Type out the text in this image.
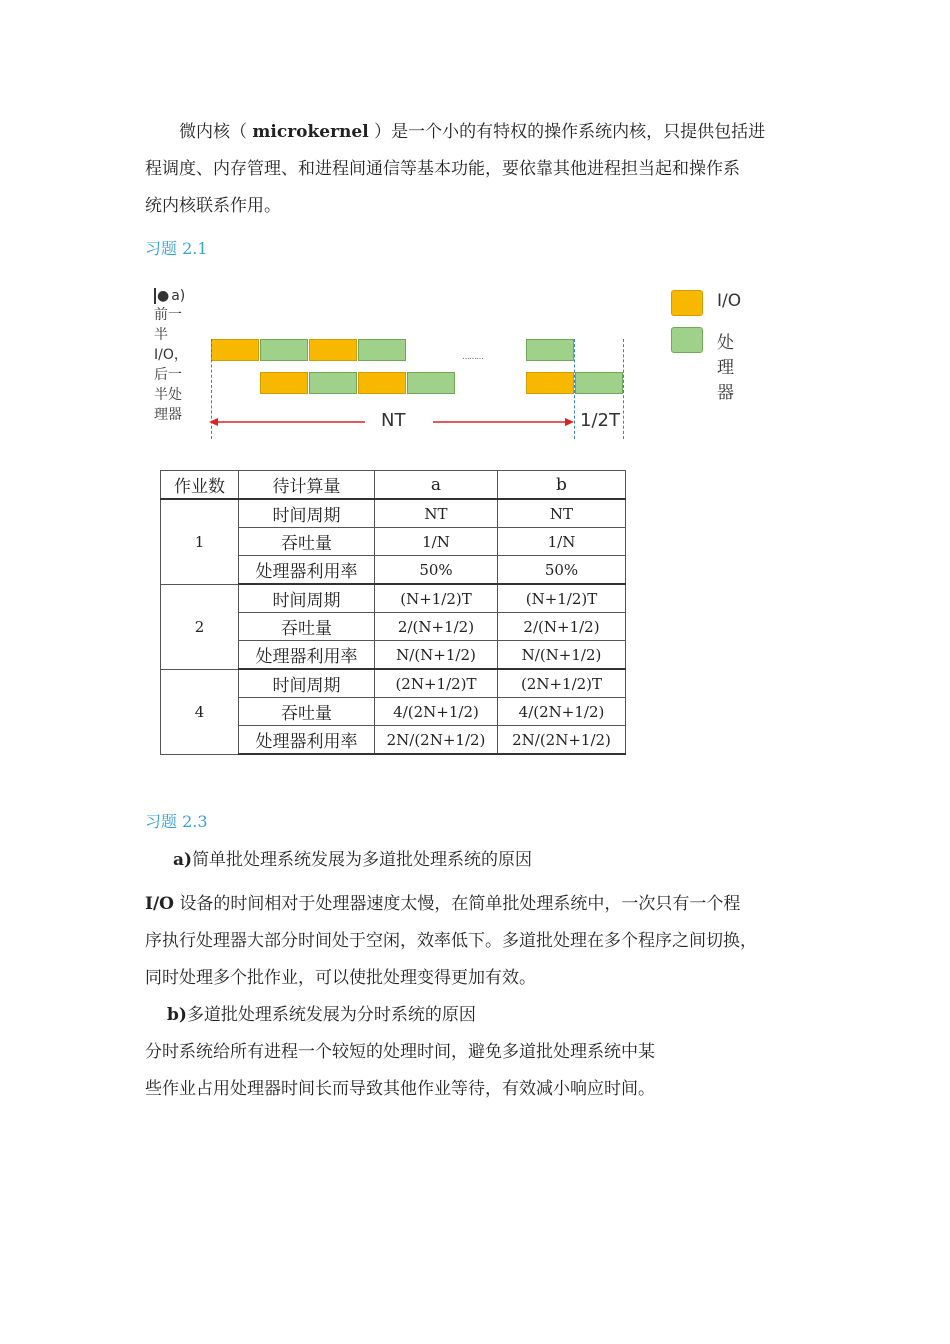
微内核（ microkernel ）是一个小的有特权的操作系统内核，只提供包括进

程调度、内存管理、和进程间通信等基本功能，要依靠其他进程担当起和操作系

统内核联系作用。

习题 2.1
● a)前一半I/O，后一半处理器
………
NT	1/2T
I/O
处理器
作业数	待计算量	a	b
1	时间周期	NT	NT
	吞吐量	1/N	1/N
	处理器利用率	50%	50%
2	时间周期	(N+1/2)T	(N+1/2)T
	吞吐量	2/(N+1/2)	2/(N+1/2)
	处理器利用率	N/(N+1/2)	N/(N+1/2)
4	时间周期	(2N+1/2)T	(2N+1/2)T
	吞吐量	4/(2N+1/2)	4/(2N+1/2)
	处理器利用率	2N/(2N+1/2)	2N/(2N+1/2)
习题 2.3

a)简单批处理系统发展为多道批处理系统的原因

I/O 设备的时间相对于处理器速度太慢，在简单批处理系统中，一次只有一个程

序执行处理器大部分时间处于空闲，效率低下。多道批处理在多个程序之间切换，

同时处理多个批作业，可以使批处理变得更加有效。

b)多道批处理系统发展为分时系统的原因

分时系统给所有进程一个较短的处理时间，避免多道批处理系统中某

些作业占用处理器时间长而导致其他作业等待，有效减小响应时间。
